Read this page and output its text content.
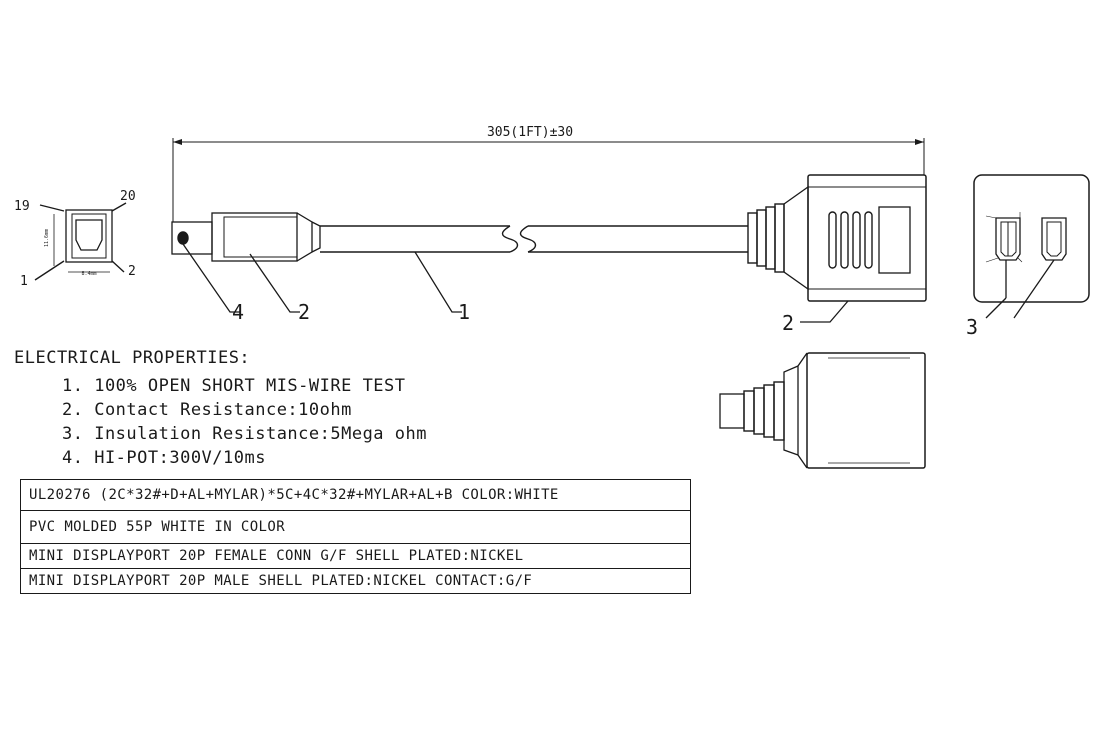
305(1FT)±30
11.6mm
8.4mm
19
20
1
2
4	2	1	2	3
ELECTRICAL PROPERTIES:
1. 100% OPEN SHORT MIS-WIRE TEST
2. Contact Resistance:10ohm
3. Insulation Resistance:5Mega ohm
4. HI-POT:300V/10ms
UL20276 (2C*32#+D+AL+MYLAR)*5C+4C*32#+MYLAR+AL+B COLOR:WHITE
PVC MOLDED 55P WHITE IN COLOR
MINI DISPLAYPORT 20P FEMALE CONN G/F SHELL PLATED:NICKEL
MINI DISPLAYPORT 20P MALE SHELL PLATED:NICKEL CONTACT:G/F
